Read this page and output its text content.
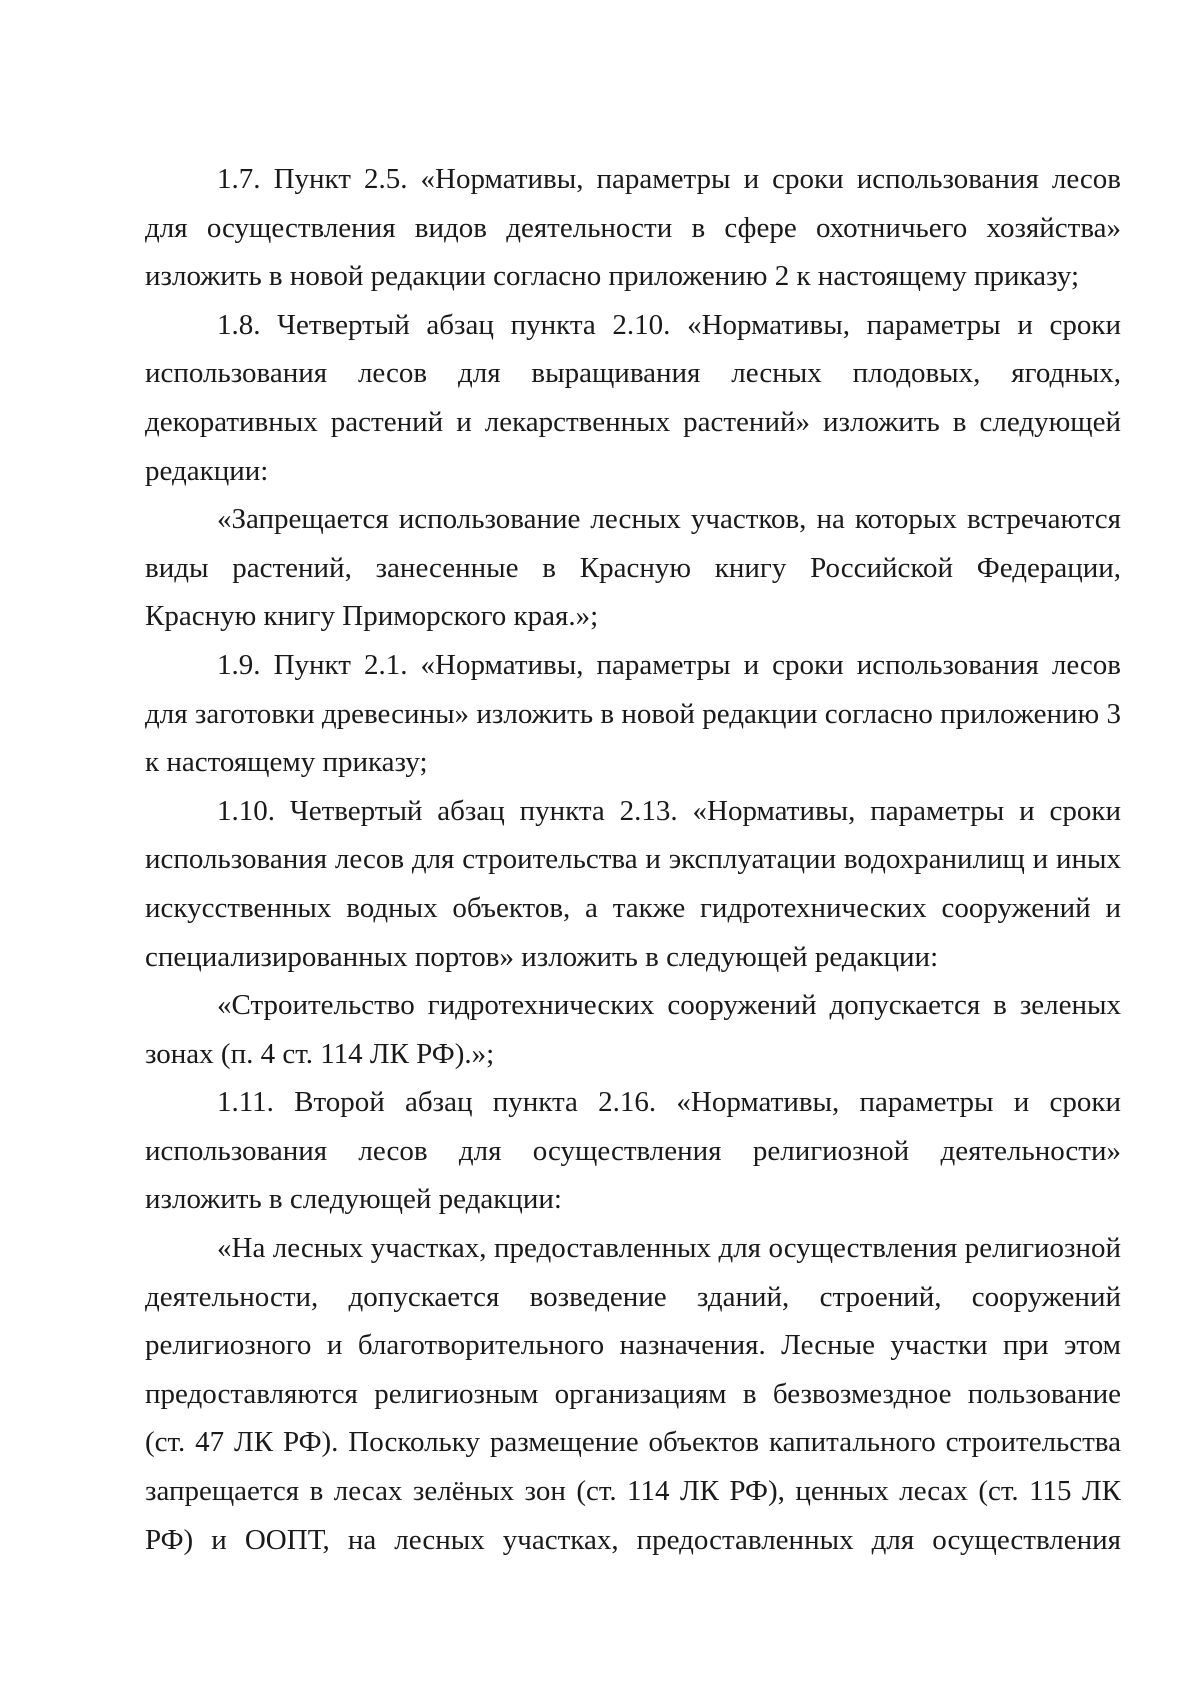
1.7. Пункт 2.5. «Нормативы, параметры и сроки использования лесов для осуществления видов деятельности в сфере охотничьего хозяйства» изложить в новой редакции согласно приложению 2 к настоящему приказу;

1.8. Четвертый абзац пункта 2.10. «Нормативы, параметры и сроки использования лесов для выращивания лесных плодовых, ягодных, декоративных растений и лекарственных растений» изложить в следующей редакции:

«Запрещается использование лесных участков, на которых встречаются виды растений, занесенные в Красную книгу Российской Федерации, Красную книгу Приморского края.»;

1.9. Пункт 2.1. «Нормативы, параметры и сроки использования лесов для заготовки древесины» изложить в новой редакции согласно приложению 3 к настоящему приказу;

1.10. Четвертый абзац пункта 2.13. «Нормативы, параметры и сроки использования лесов для строительства и эксплуатации водохранилищ и иных искусственных водных объектов, а также гидротехнических сооружений и специализированных портов» изложить в следующей редакции:

«Строительство гидротехнических сооружений допускается в зеленых зонах (п. 4 ст. 114 ЛК РФ).»;

1.11. Второй абзац пункта 2.16. «Нормативы, параметры и сроки использования лесов для осуществления религиозной деятельности» изложить в следующей редакции:

«На лесных участках, предоставленных для осуществления религиозной деятельности, допускается возведение зданий, строений, сооружений религиозного и благотворительного назначения. Лесные участки при этом предоставляются религиозным организациям в безвозмездное пользование (ст. 47 ЛК РФ). Поскольку размещение объектов капитального строительства запрещается в лесах зелёных зон (ст. 114 ЛК РФ), ценных лесах (ст. 115 ЛК РФ) и ООПТ, на лесных участках, предоставленных для осуществления
